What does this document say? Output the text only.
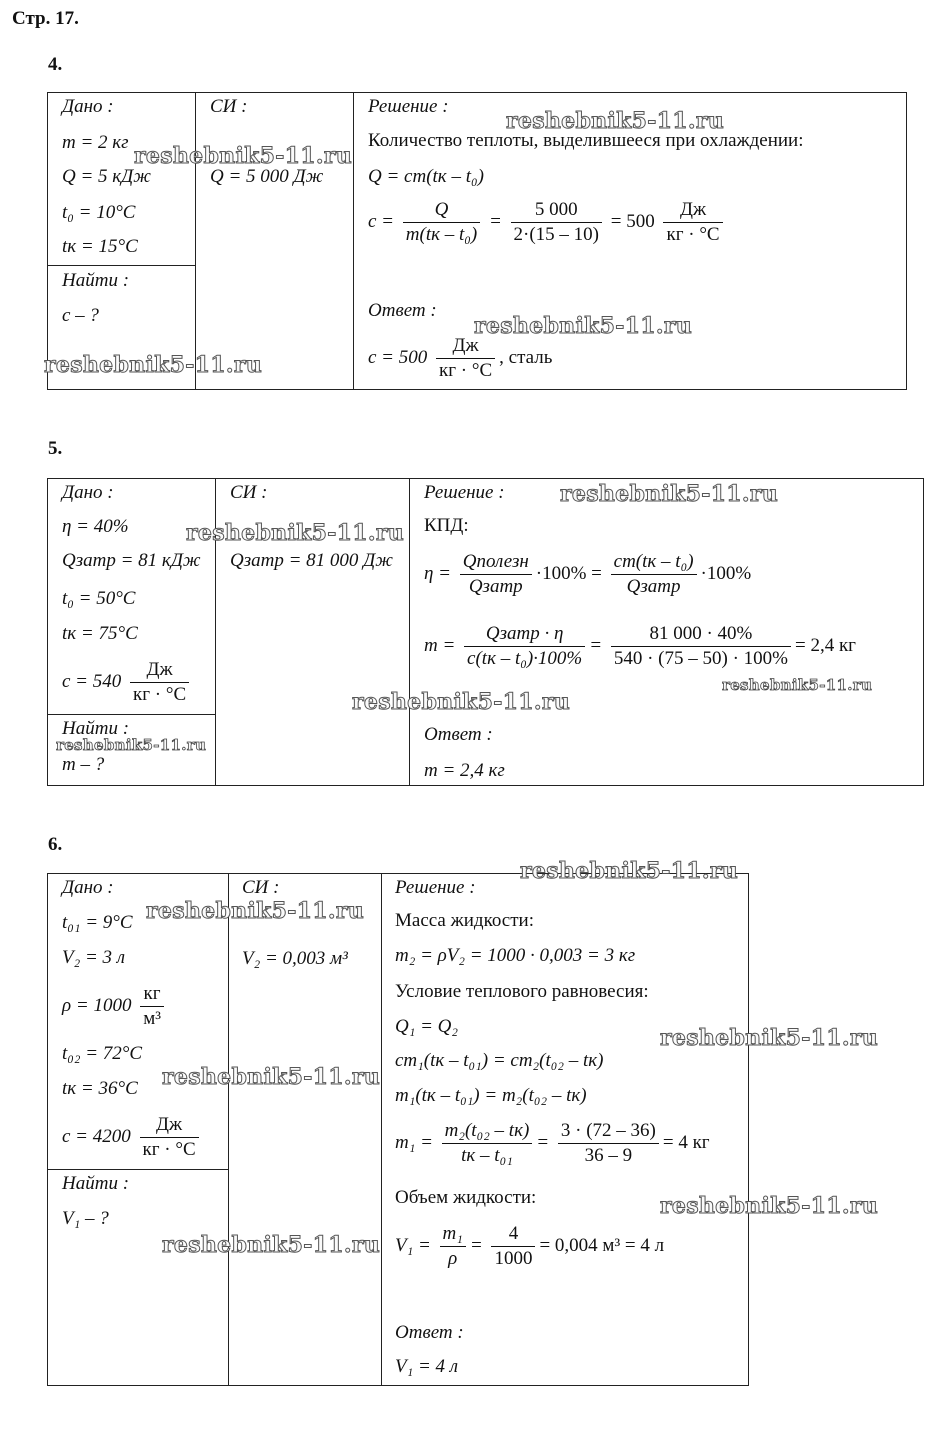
Стр. 17.
4.
Дано :
m = 2 кг
Q = 5 кДж
t₀ = 10°C
tк = 15°C
Найти :
c – ?
СИ :
Q = 5 000 Дж
Решение :
Количество теплоты, выделившееся при охлаждении:
Q = cm(tк – t₀)
$c = \frac{Q}{\text{m(tк – t₀)}} = \frac{5 000}{2\cdot(15 - 10)} = 500 \frac{Дж}{кг \cdot ^\circ C}$
Ответ :
$c = 500 \frac{Дж}{кг \cdot ^\circ C}$ , сталь
5.
Дано :
η = 40%
Qзатр = 81 кДж
t₀ = 50°C
tк = 75°C
$c = 540 \frac{Дж}{кг \cdot ^\circ C}$
Найти :
m – ?
СИ :
Qзатр = 81 000 Дж
Решение :
КПД:
$\eta = \frac{\text{Qполезн}}{\text{Qзатр}} \cdot 100\% = \frac{\text{cm(tк – t₀)}}{\text{Qзатр}} \cdot 100\%$
$m = \frac{\text{Qзатр · η}}{\text{c(tк – t₀)·100\%}} = \frac{81 000 \cdot 40\%}{540 \cdot (75 - 50) \cdot 100\%} = 2,4$ кг
Ответ :
m = 2,4 кг
6.
Дано :
t₀₁ = 9°C
V₂ = 3 л
$\rho = 1000 \frac{кг}{\text{м³}}$
t₀₂ = 72°C
tк = 36°C
$c = 4200 \frac{Дж}{кг \cdot ^\circ C}$
Найти :
V₁ – ?
СИ :
V₂ = 0,003 м³
Решение :
Масса жидкости:
m₂ = ρV₂ = 1000 · 0,003 = 3 кг
Условие теплового равновесия:
Q₁ = Q₂
cm₁(tк – t₀₁) = cm₂(t₀₂ – tк)
m₁(tк – t₀₁) = m₂(t₀₂ – tк)
$m_1 = \frac{\text{m₂(t₀₂ – tк)}}{\text{tк – t₀₁}} = \frac{3 \cdot (72 - 36)}{36 - 9} = 4$ кг
Объем жидкости:
$V_1 = \frac{\text{m₁}}{\rho} = \frac{4}{1000} = 0,004$ м³ = 4 л
Ответ :
V₁ = 4 л
reshebnik5-11.ru
reshebnik5-11.ru
reshebnik5-11.ru
reshebnik5-11.ru
reshebnik5-11.ru
reshebnik5-11.ru
reshebnik5-11.ru
reshebnik5-11.ru
reshebnik5-11.ru
reshebnik5-11.ru
reshebnik5-11.ru
reshebnik5-11.ru
reshebnik5-11.ru
reshebnik5-11.ru
reshebnik5-11.ru
